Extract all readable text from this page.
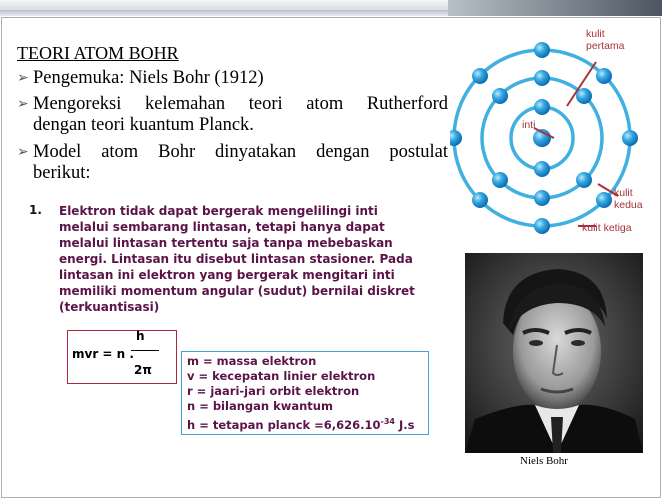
TEORI ATOM BOHR
➢ Pengemuka: Niels Bohr (1912)
➢ Mengoreksi kelemahan teori atom Rutherford
dengan teori kuantum Planck.
➢ Model atom Bohr dinyatakan dengan postulat
berikut:
1. Elektron tidak dapat bergerak mengelilingi inti melalui sembarang lintasan, tetapi hanya dapat melalui lintasan tertentu saja tanpa mebebaskan energi. Lintasan itu disebut lintasan stasioner. Pada lintasan ini elektron yang bergerak mengitari inti memiliki momentum angular (sudut) bernilai diskret (terkuantisasi)
mvr = n .
h
2π
m = massa elektron
v = kecepatan linier elektron
r = jaari-jari orbit elektron
n = bilangan kwantum
h = tetapan planck $=6,626.10^{-34}$ J.s
kulit
pertama
kulit
kedua
kulit ketiga
inti
Niels Bohr
